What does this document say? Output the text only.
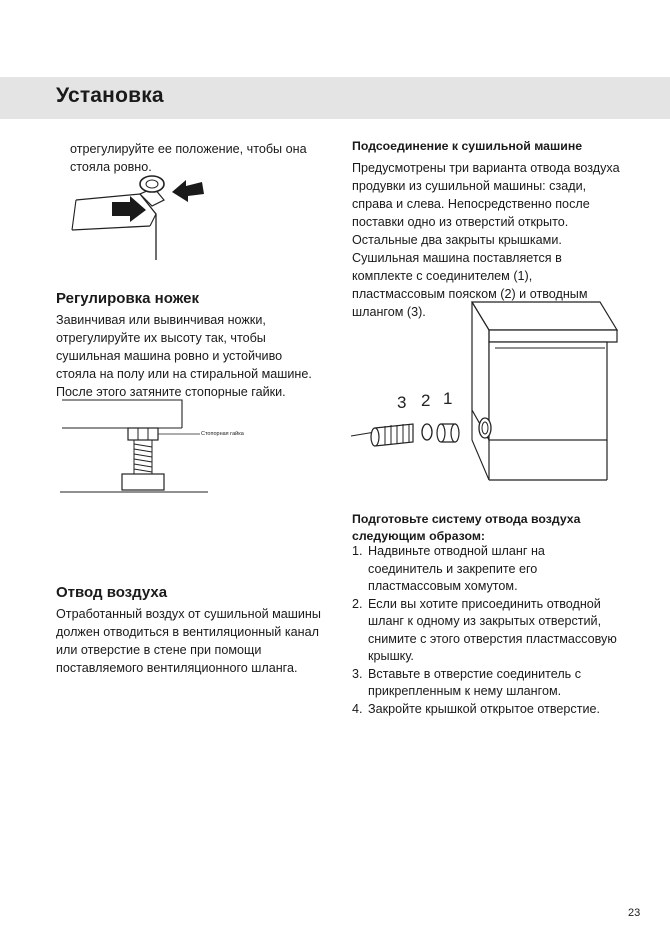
Установка

отрегулируйте ее положение, чтобы она стояла ровно.

Регулировка ножек

Завинчивая или вывинчивая ножки, отрегулируйте их высоту так, чтобы сушильная машина ровно и устойчиво стояла на полу или на стиральной машине. После этого затяните стопорные гайки.

Стопорная гайка
Отвод воздуха

Отработанный воздух от сушильной машины должен отводиться в вентиляционный канал или отверстие в стене при помощи поставляемого вентиляционного шланга.

Подсоединение к сушильной машине

Предусмотрены три варианта отвода воздуха продувки из сушильной машины: сзади, справа и слева. Непосредственно после поставки одно из отверстий открыто. Остальные два закрыты крышками. Сушильная машина поставляется в комплекте с соединителем (1), пластмассовым пояском (2) и отводным шлангом (3).

3 2 1
Подготовьте систему отвода воздуха следующим образом:
1. Надвиньте отводной шланг на соединитель и закрепите его пластмассовым хомутом.
2. Если вы хотите присоединить отводной шланг к одному из закрытых отверстий, снимите с этого отверстия пластмассовую крышку.
3. Вставьте в отверстие соединитель с прикрепленным к нему шлангом.
4. Закройте крышкой открытое отверстие.
23
